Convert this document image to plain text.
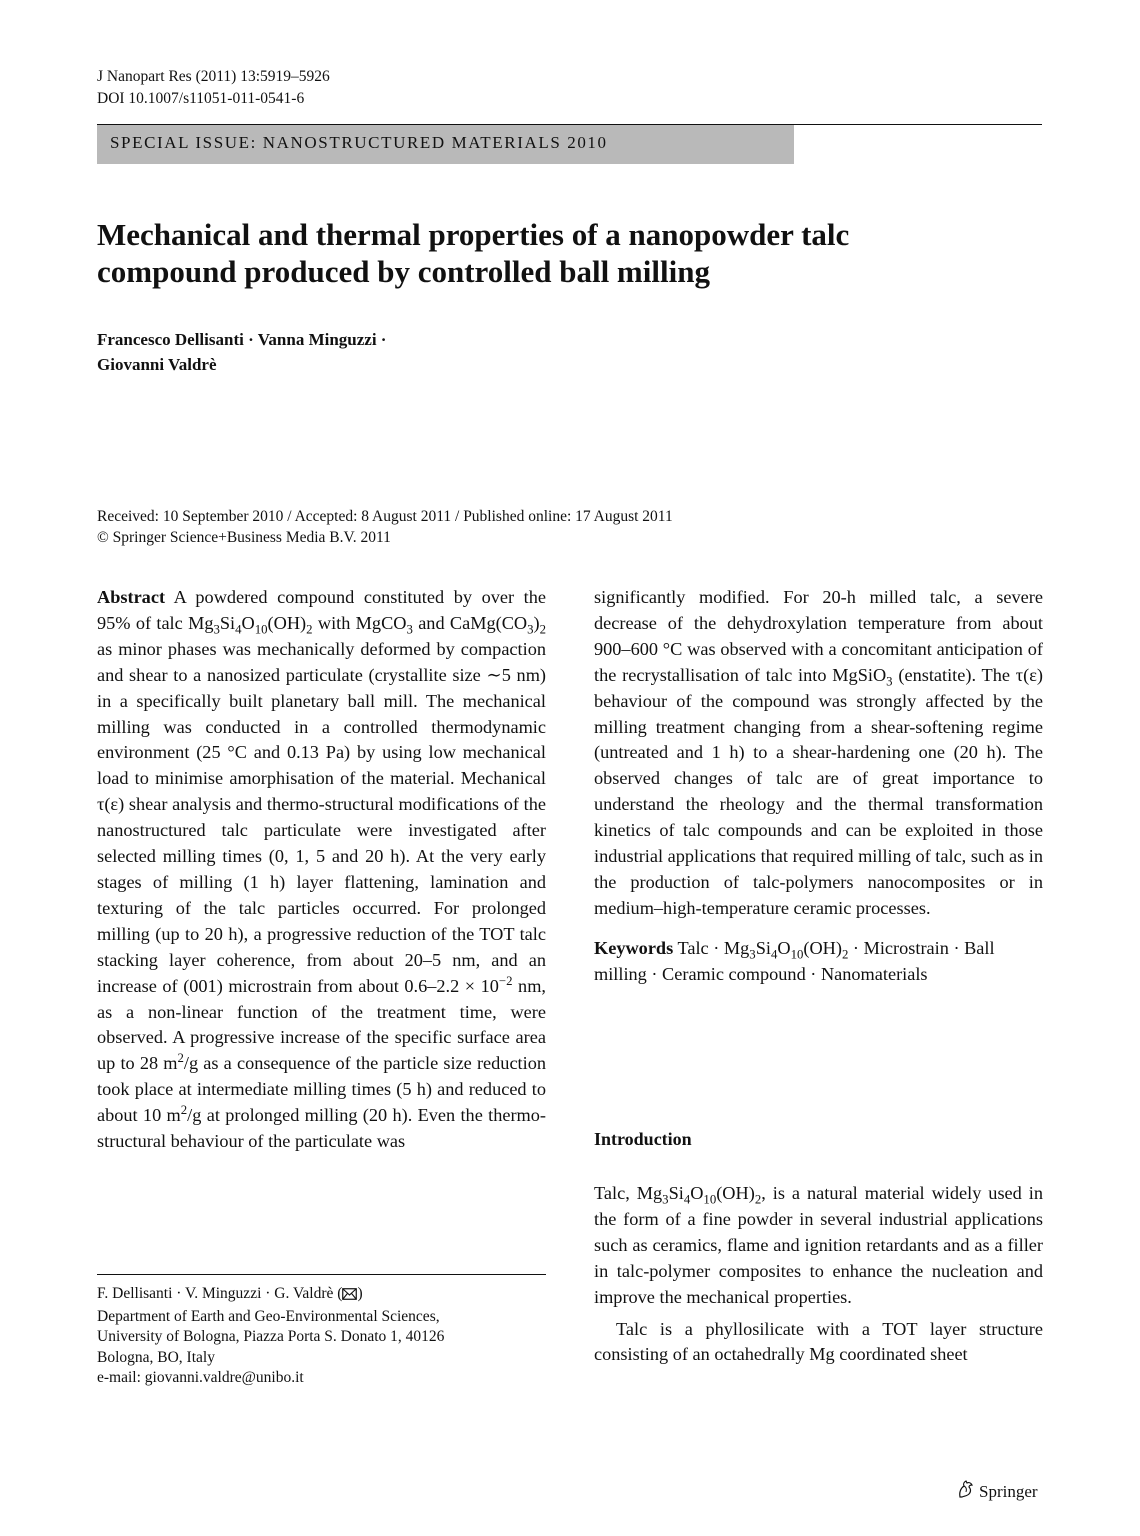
J Nanopart Res (2011) 13:5919–5926
DOI 10.1007/s11051-011-0541-6
SPECIAL ISSUE: NANOSTRUCTURED MATERIALS 2010
Mechanical and thermal properties of a nanopowder talc
compound produced by controlled ball milling
Francesco Dellisanti · Vanna Minguzzi ·
Giovanni Valdrè
Received: 10 September 2010 / Accepted: 8 August 2011 / Published online: 17 August 2011
© Springer Science+Business Media B.V. 2011

Abstract A powdered compound constituted by over the 95% of talc $Mg_3Si_4O_{10}(OH)_2$ with MgCO$_3$ and $CaMg(CO_3)_2$ as minor phases was mechanically deformed by compaction and shear to a nanosized particulate (crystallite size ∼5 nm) in a specifically built planetary ball mill. The mechanical milling was conducted in a controlled thermodynamic environment (25 °C and 0.13 Pa) by using low mechanical load to minimise amorphisation of the material. Mechanical τ(ε) shear analysis and thermo-structural modifications of the nanostructured talc particulate were investigated after selected milling times (0, 1, 5 and 20 h). At the very early stages of milling (1 h) layer flattening, lamination and texturing of the talc particles occurred. For prolonged milling (up to 20 h), a progressive reduction of the TOT talc stacking layer coherence, from about 20–5 nm, and an increase of (001) microstrain from about $0.6-2.2 \times 10^{-2}$ nm, as a non-linear function of the treatment time, were observed. A progressive increase of the specific surface area up to 28 $m^2/g$ as a consequence of the particle size reduction took place at intermediate milling times (5 h) and reduced to about 10 $m^2/g$ at prolonged milling (20 h). Even the thermo-structural behaviour of the particulate was

significantly modified. For 20-h milled talc, a severe decrease of the dehydroxylation temperature from about 900–600 °C was observed with a concomitant anticipation of the recrystallisation of talc into MgSiO$_3$ (enstatite). The τ(ε) behaviour of the compound was strongly affected by the milling treatment changing from a shear-softening regime (untreated and 1 h) to a shear-hardening one (20 h). The observed changes of talc are of great importance to understand the rheology and the thermal transformation kinetics of talc compounds and can be exploited in those industrial applications that required milling of talc, such as in the production of talc-polymers nanocomposites or in medium–high-temperature ceramic processes.

Keywords Talc · $Mg_3Si_4O_{10}(OH)_2$ · Microstrain · Ball milling · Ceramic compound · Nanomaterials

Introduction

Talc, $Mg_3Si_4O_{10}(OH)_2$, is a natural material widely used in the form of a fine powder in several industrial applications such as ceramics, flame and ignition retardants and as a filler in talc-polymer composites to enhance the nucleation and improve the mechanical properties.

Talc is a phyllosilicate with a TOT layer structure consisting of an octahedrally Mg coordinated sheet

F. Dellisanti · V. Minguzzi · G. Valdrè ( )
Department of Earth and Geo-Environmental Sciences,
University of Bologna, Piazza Porta S. Donato 1, 40126
Bologna, BO, Italy
e-mail: giovanni.valdre@unibo.it
Springer
